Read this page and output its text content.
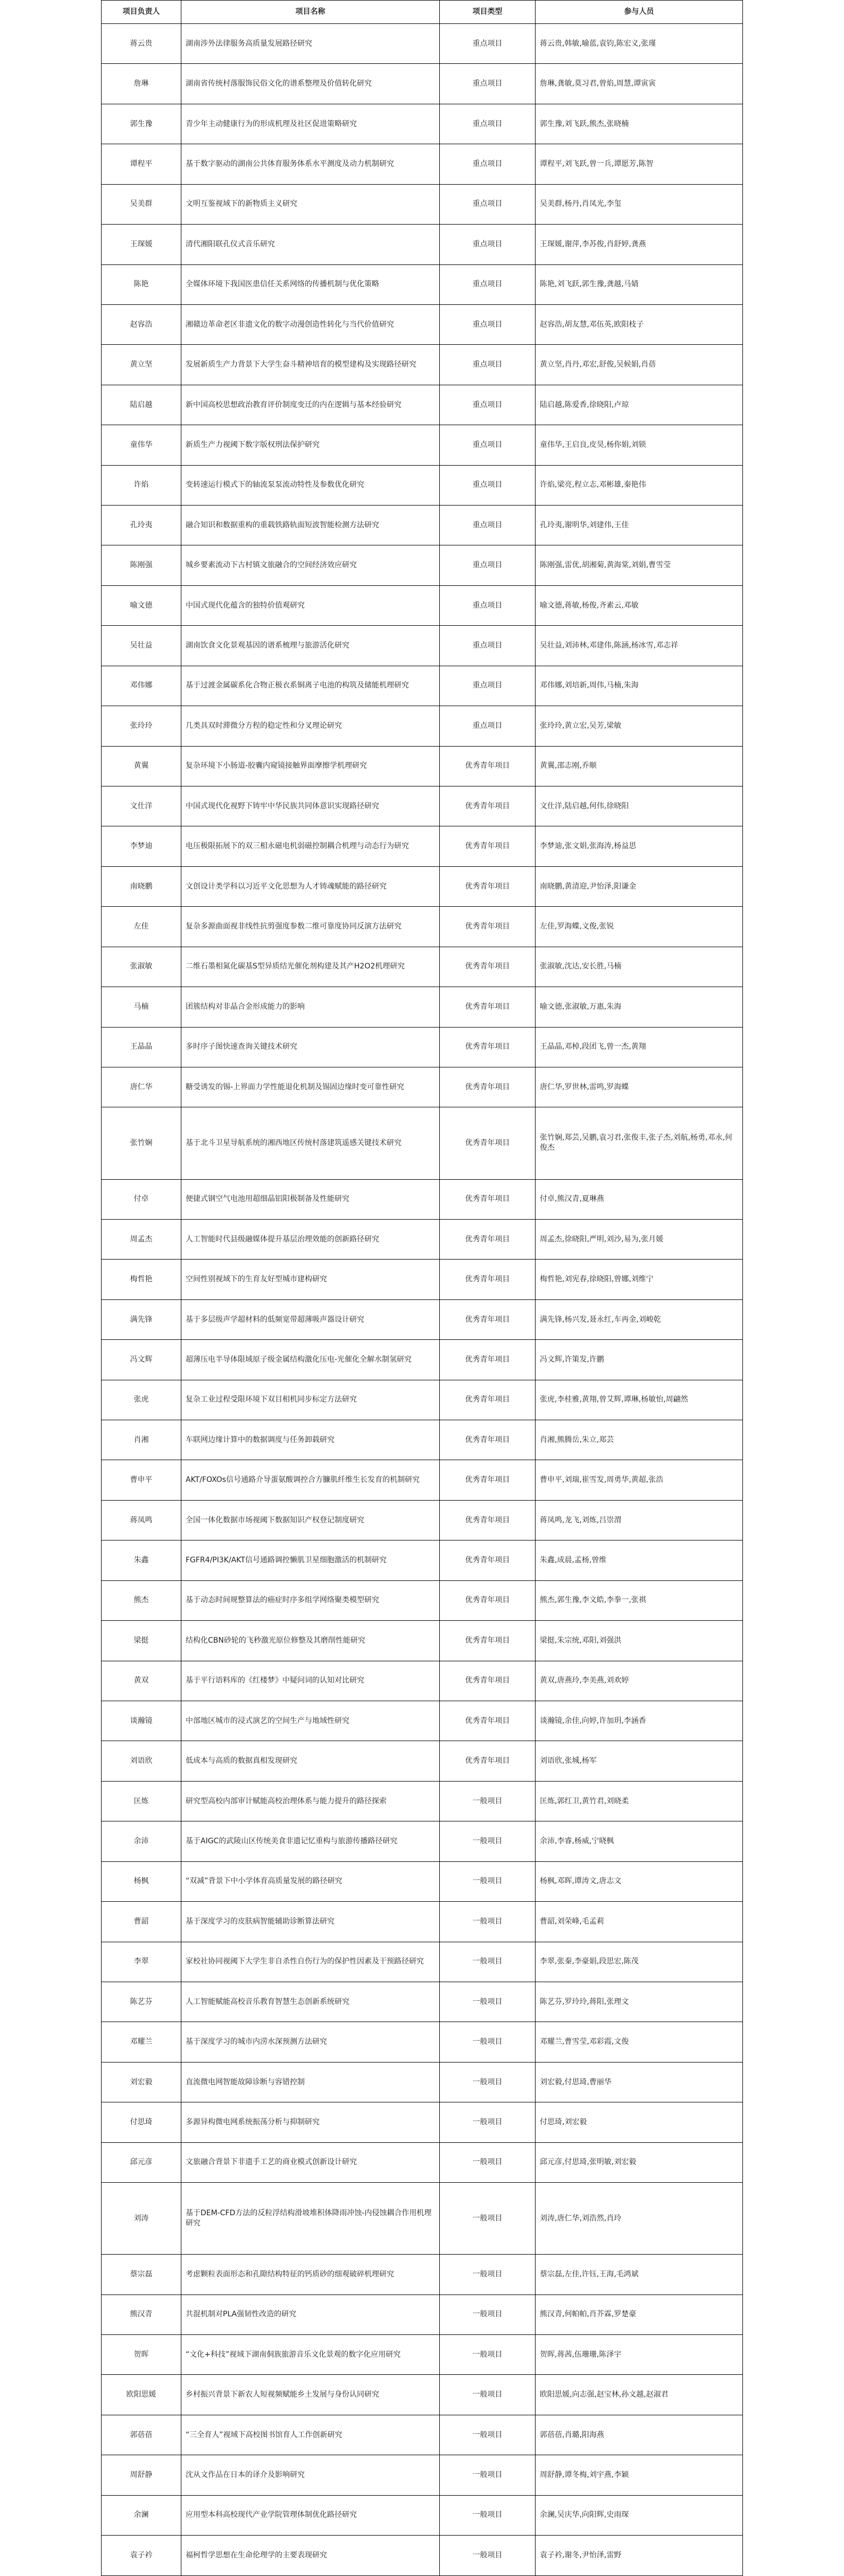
项目负责人	项目名称	项目类型	参与人员
蒋云贵	湖南涉外法律服务高质量发展路径研究	重点项目	蒋云贵,韩敏,喻蓝,袁钧,陈宏义,张瑾
詹琳	湖南省传统村落服饰民俗文化的谱系整理及价值转化研究	重点项目	詹琳,龚敏,莫习君,曾焰,周慧,谭寅寅
郭生豫	青少年主动健康行为的形成机理及社区促进策略研究	重点项目	郭生豫,刘飞跃,熊杰,张晓楠
谭程平	基于数字驱动的湖南公共体育服务体系水平测度及动力机制研究	重点项目	谭程平,刘飞跃,曾一兵,谭愿芳,陈智
吴美群	文明互鉴视域下的新物质主义研究	重点项目	吴美群,杨丹,肖凤光,李玺
王琛媛	清代湘阳联孔仪式音乐研究	重点项目	王琛媛,谢萍,李苏俊,肖舒婷,龚燕
陈艳	全媒体环境下我国医患信任关系网络的传播机制与优化策略	重点项目	陈艳,刘飞跃,郭生豫,龚越,马婧
赵容浩	湘赣边革命老区非遗文化的数字动漫创造性转化与当代价值研究	重点项目	赵容浩,胡友慧,邓伍英,欧阳枝子
黄立坚	发展新质生产力背景下大学生奋斗精神培育的模型建构及实现路径研究	重点项目	黄立坚,肖丹,邓宏,舒俊,吴候娟,肖蓓
陆启越	新中国高校思想政治教育评价制度变迁的内在逻辑与基本经验研究	重点项目	陆启越,陈爱香,徐晓阳,卢琼
童伟华	新质生产力视阈下数字版权刑法保护研究	重点项目	童伟华,王启良,皮昊,杨你娟,刘锁
许焰	变转速运行模式下的轴流泵泵流动特性及参数优化研究	重点项目	许焰,梁亮,程立志,邓彬雄,秦艳伟
孔玲夷	融合知识和数据重构的重载铁路轨面短波智能检测方法研究	重点项目	孔玲夷,谢明华,刘建伟,王佳
陈刚强	城乡要素流动下古村镇文旅融合的空间经济效应研究	重点项目	陈刚强,雷优,胡湘菊,黄海棠,刘娟,曹雪莹
喻文德	中国式现代化蕴含的独特价值观研究	重点项目	喻文德,蒋敏,杨俊,齐素云,邓敏
吴壮益	湖南饮食文化景观基因的谱系梳理与旅游活化研究	重点项目	吴壮益,刘沛林,邓建伟,陈涵,杨冰雪,邓志祥
邓伟娜	基于过渡金属碳系化合物正极衣系铜离子电池的构筑及储能机理研究	重点项目	邓伟娜,刘培新,周伟,马楠,朱海
张玲玲	几类具双时滞微分方程的稳定性和分叉理论研究	重点项目	张玲玲,黄立宏,吴芳,梁敏
黄翼	复杂环境下小肠道-胶囊内窥镜接触界面摩擦学机理研究	优秀青年项目	黄翼,邵志刚,乔顺
文仕洋	中国式现代化视野下铸牢中华民族共同体意识实现路径研究	优秀青年项目	文仕洋,陆启越,何伟,徐晓阳
李梦迪	电压极限拓展下的双三相永磁电机弱磁控制耦合机理与动态行为研究	优秀青年项目	李梦迪,张文娟,张海涛,杨益思
南晓鹏	文创设计类学科以习近平文化思想为人才铸魂赋能的路径研究	优秀青年项目	南晓鹏,黄清迎,尹怡泽,阳谦金
左佳	复杂多源曲面视非线性抗剪强度参数二维可靠度协同反演方法研究	优秀青年项目	左佳,罗海蝶,文俊,张锐
张淑敏	二维石墨相氮化碳基S型异质结光催化剂构建及其产H2O2机理研究	优秀青年项目	张淑敏,沈达,安长胜,马楠
马楠	团簇结构对非晶合金形成能力的影响	优秀青年项目	喻文德,张淑敏,万惠,朱海
王晶晶	多时序子图快速查询关键技术研究	优秀青年项目	王晶晶,邓棹,段团飞,曾一杰,黄翔
唐仁华	糖受诱发的锡-上界面力学性能退化机制及锡固边缘时变可靠性研究	优秀青年项目	唐仁华,罗世林,雷鸣,罗海蝶
张竹娴	基于北斗卫星导航系统的湘西地区传统村落建筑遥感关键技术研究	优秀青年项目	张竹娴,郑芸,吴鹏,袁习君,张俊丰,张子杰,刘航,杨勇,邓永,何俊杰
付卓	便捷式钢空气电池用超细晶铝阳极制备及性能研究	优秀青年项目	付卓,熊汉青,夏琳燕
周孟杰	人工智能时代县级融媒体提升基层治理效能的创新路径研究	优秀青年项目	周孟杰,徐晓阳,严明,刘沙,易为,张月媛
梅哲艳	空间性别视域下的生育友好型城市建构研究	优秀青年项目	梅哲艳,刘宪春,徐晓阳,曾娜,刘维宁
满先锋	基于多层级声学超材料的低频宽带超薄吸声器设计研究	优秀青年项目	满先锋,杨兴发,聂永红,车再金,刘峻乾
冯文辉	超薄压电半导体限域原子级金属结构激化压电-光催化全解水制氢研究	优秀青年项目	冯文辉,许策发,许鹏
张虎	复杂工业过程受限环境下双目相机同步标定方法研究	优秀青年项目	张虎,李桂雅,黄翔,曾艾辉,谭琳,杨敏怡,周翩然
肖湘	车联网边缘计算中的数据调度与任务卸载研究	优秀青年项目	肖湘,熊腾岳,朱立,郑芸
曹申平	AKT/FOXOs信号通路介导蛋氨酸调控合方臁肌纤维生长发育的机制研究	优秀青年项目	曹申平,刘瑞,崔雪发,周勇华,黄超,张浩
蒋凤鸣	全国一体化数据市场视阈下数据知识产权登记制度研究	优秀青年项目	蒋凤鸣,龙飞,刘炼,吕崇渭
朱鑫	FGFR4/PI3K/AKT信号通路调控懒肌卫星细胞激活的机制研究	优秀青年项目	朱鑫,成晨,孟杨,曾维
熊杰	基于动态时间规整算法的癌症时序多组学网络聚类模型研究	优秀青年项目	熊杰,郭生豫,李文皓,李拳一,张祺
梁挺	结构化CBN砂轮的飞秒激光原位修整及其磨削性能研究	优秀青年项目	梁挺,朱宗统,邓阳,刘强洪
黄双	基于平行语料库的《红楼梦》中疑问词的认知对比研究	优秀青年项目	黄双,唐燕玲,李美燕,刘欢婷
谈瀚镜	中部地区城市的浸式演艺的空间生产与地域性研究	优秀青年项目	谈瀚镜,余佳,向婷,许加玥,李涵香
刘语欣	低成本与高质的数据真相发现研究	优秀青年项目	刘语欣,张城,杨军
匡炼	研究型高校内部审计赋能高校治理体系与能力提升的路径探索	一般项目	匡炼,郭红卫,黄竹君,刘晓柔
余沛	基于AIGC的武陵山区传统美食非遗记忆重构与旅游传播路径研究	一般项目	余沛,李睿,杨威,宁晓枫
杨枫	“双减”背景下中小学体育高质量发展的路径研究	一般项目	杨枫,邓晖,谭涛文,唐志文
曹韶	基于深度学习的皮肤病智能辅助诊断算法研究	一般项目	曹韶,刘荣峰,毛孟莉
李翠	家校社协同视阈下大学生非自杀性自伤行为的保护性因素及干预路径研究	一般项目	李翠,张秦,李豪娟,段思宏,陈茂
陈艺芬	人工智能赋能高校音乐教育智慧生态创新系统研究	一般项目	陈艺芬,罗玲玲,蒋阳,张理文
邓耀兰	基于深度学习的城市内涝水深预测方法研究	一般项目	邓耀兰,曹雪莹,邓彩霞,文俊
刘宏毅	直流微电网智能故障诊断与容错控制	一般项目	刘宏毅,付思琦,曹丽华
付思琦	多源异构微电网系统振荡分析与抑制研究	一般项目	付思琦,刘宏毅
邱元彦	文旅融合背景下非遗手工艺的商业模式创新设计研究	一般项目	邱元彦,付思琦,张明敏,刘宏毅
刘涛	基于DEM-CFD方法的反粒浮结构滑坡堆积体降雨冲蚀-内侵蚀耦合作用机理研究	一般项目	刘涛,唐仁华,刘浩然,肖玲
蔡宗磊	考虑颗粒表面形态和孔隙结构特征的钙质砂的细观破碎机理研究	一般项目	蔡宗磊,左佳,许钰,王海,毛鸿斌
熊汉青	共混机制对PLA强韧性改造的研究	一般项目	熊汉青,何帕帕,肖芥霖,罗楚豪
贺晖	“文化+科技”视域下湖南侗族旅游音乐文化景观的数字化应用研究	一般项目	贺晖,蒋茜,伍珊珊,陈泽宇
欧阳思媛	乡村振兴背景下新农人短视频赋能乡土发展与身份认同研究	一般项目	欧阳思媛,向志强,赵宝林,孙文越,赵淑君
郭蓓蓓	“三全育人”视域下高校图书馆育人工作创新研究	一般项目	郭蓓蓓,肖璐,阳海燕
周舒静	沈从文作品在日本的译介及影响研究	一般项目	周舒静,谭冬梅,刘宇燕,李颖
余澜	应用型本科高校现代产业学院管理体制优化路径研究	一般项目	余澜,吴庆华,向阳辉,史雨琛
袁子衿	福柯哲学思想在生命伦理学的主要表现研究	一般项目	袁子衿,谢冬,尹怡泽,雷野
